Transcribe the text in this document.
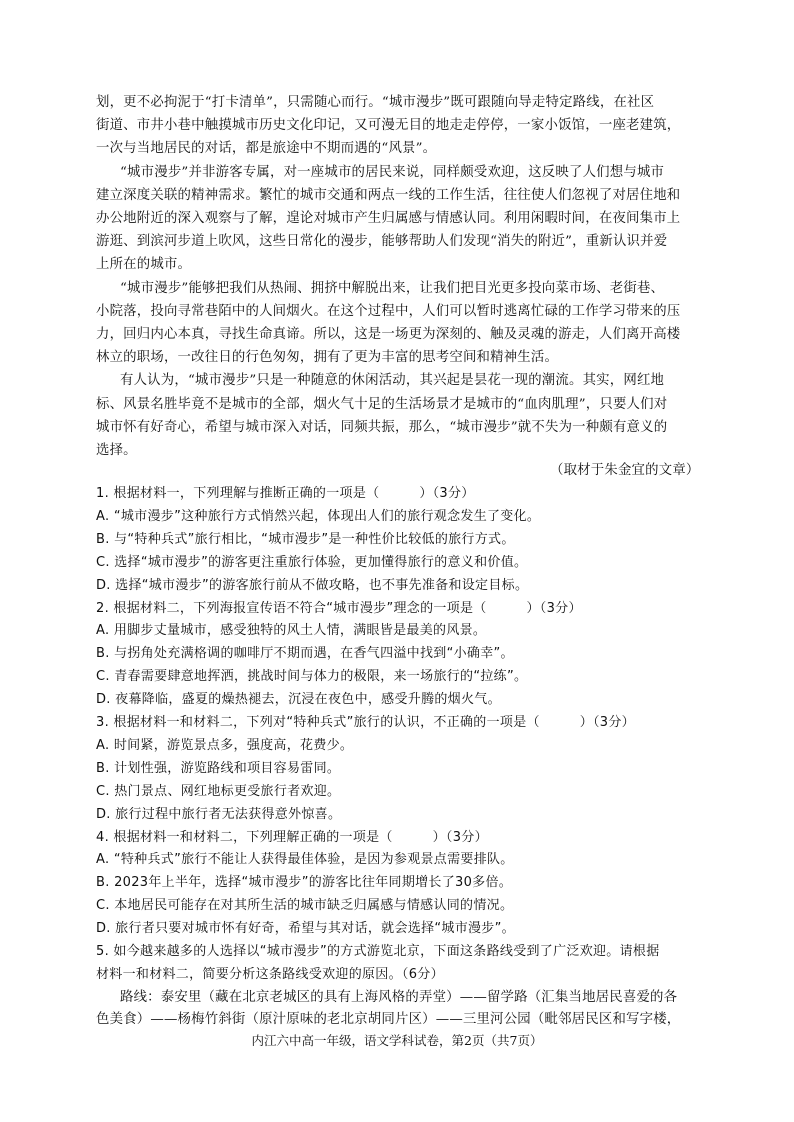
划，更不必拘泥于“打卡清单”，只需随心而行。“城市漫步”既可跟随向导走特定路线，在社区
街道、市井小巷中触摸城市历史文化印记，又可漫无目的地走走停停，一家小饭馆，一座老建筑，
一次与当地居民的对话，都是旅途中不期而遇的“风景”。
“城市漫步”并非游客专属，对一座城市的居民来说，同样颇受欢迎，这反映了人们想与城市
建立深度关联的精神需求。繁忙的城市交通和两点一线的工作生活，往往使人们忽视了对居住地和
办公地附近的深入观察与了解，遑论对城市产生归属感与情感认同。利用闲暇时间，在夜间集市上
游逛、到滨河步道上吹风，这些日常化的漫步，能够帮助人们发现“消失的附近”，重新认识并爱
上所在的城市。
“城市漫步”能够把我们从热闹、拥挤中解脱出来，让我们把目光更多投向菜市场、老街巷、
小院落，投向寻常巷陌中的人间烟火。在这个过程中，人们可以暂时逃离忙碌的工作学习带来的压
力，回归内心本真，寻找生命真谛。所以，这是一场更为深刻的、触及灵魂的游走，人们离开高楼
林立的职场，一改往日的行色匆匆，拥有了更为丰富的思考空间和精神生活。
有人认为，“城市漫步”只是一种随意的休闲活动，其兴起是昙花一现的潮流。其实，网红地
标、风景名胜毕竟不是城市的全部，烟火气十足的生活场景才是城市的“血肉肌理”，只要人们对
城市怀有好奇心，希望与城市深入对话，同频共振，那么，“城市漫步”就不失为一种颇有意义的
选择。
（取材于朱金宜的文章）
1. 根据材料一，下列理解与推断正确的一项是（　　　）（3分）
A. “城市漫步”这种旅行方式悄然兴起，体现出人们的旅行观念发生了变化。
B. 与“特种兵式”旅行相比，“城市漫步”是一种性价比较低的旅行方式。
C. 选择“城市漫步”的游客更注重旅行体验，更加懂得旅行的意义和价值。
D. 选择“城市漫步”的游客旅行前从不做攻略，也不事先准备和设定目标。
2. 根据材料二，下列海报宣传语不符合“城市漫步”理念的一项是（　　　）（3分）
A. 用脚步丈量城市，感受独特的风土人情，满眼皆是最美的风景。
B. 与拐角处充满格调的咖啡厅不期而遇，在香气四溢中找到“小确幸”。
C. 青春需要肆意地挥洒，挑战时间与体力的极限，来一场旅行的“拉练”。
D. 夜幕降临，盛夏的燥热褪去，沉浸在夜色中，感受升腾的烟火气。
3. 根据材料一和材料二，下列对“特种兵式”旅行的认识，不正确的一项是（　　　）（3分）
A. 时间紧，游览景点多，强度高，花费少。
B. 计划性强，游览路线和项目容易雷同。
C. 热门景点、网红地标更受旅行者欢迎。
D. 旅行过程中旅行者无法获得意外惊喜。
4. 根据材料一和材料二，下列理解正确的一项是（　　　）（3分）
A. “特种兵式”旅行不能让人获得最佳体验，是因为参观景点需要排队。
B. 2023年上半年，选择“城市漫步”的游客比往年同期增长了30多倍。
C. 本地居民可能存在对其所生活的城市缺乏归属感与情感认同的情况。
D. 旅行者只要对城市怀有好奇，希望与其对话，就会选择“城市漫步”。
5. 如今越来越多的人选择以“城市漫步”的方式游览北京，下面这条路线受到了广泛欢迎。请根据
材料一和材料二，简要分析这条路线受欢迎的原因。（6分）
路线：泰安里（藏在北京老城区的具有上海风格的弄堂）——留学路（汇集当地居民喜爱的各
色美食）——杨梅竹斜街（原汁原味的老北京胡同片区）——三里河公园（毗邻居民区和写字楼，
内江六中高一年级，语文学科试卷，第2页（共7页）
